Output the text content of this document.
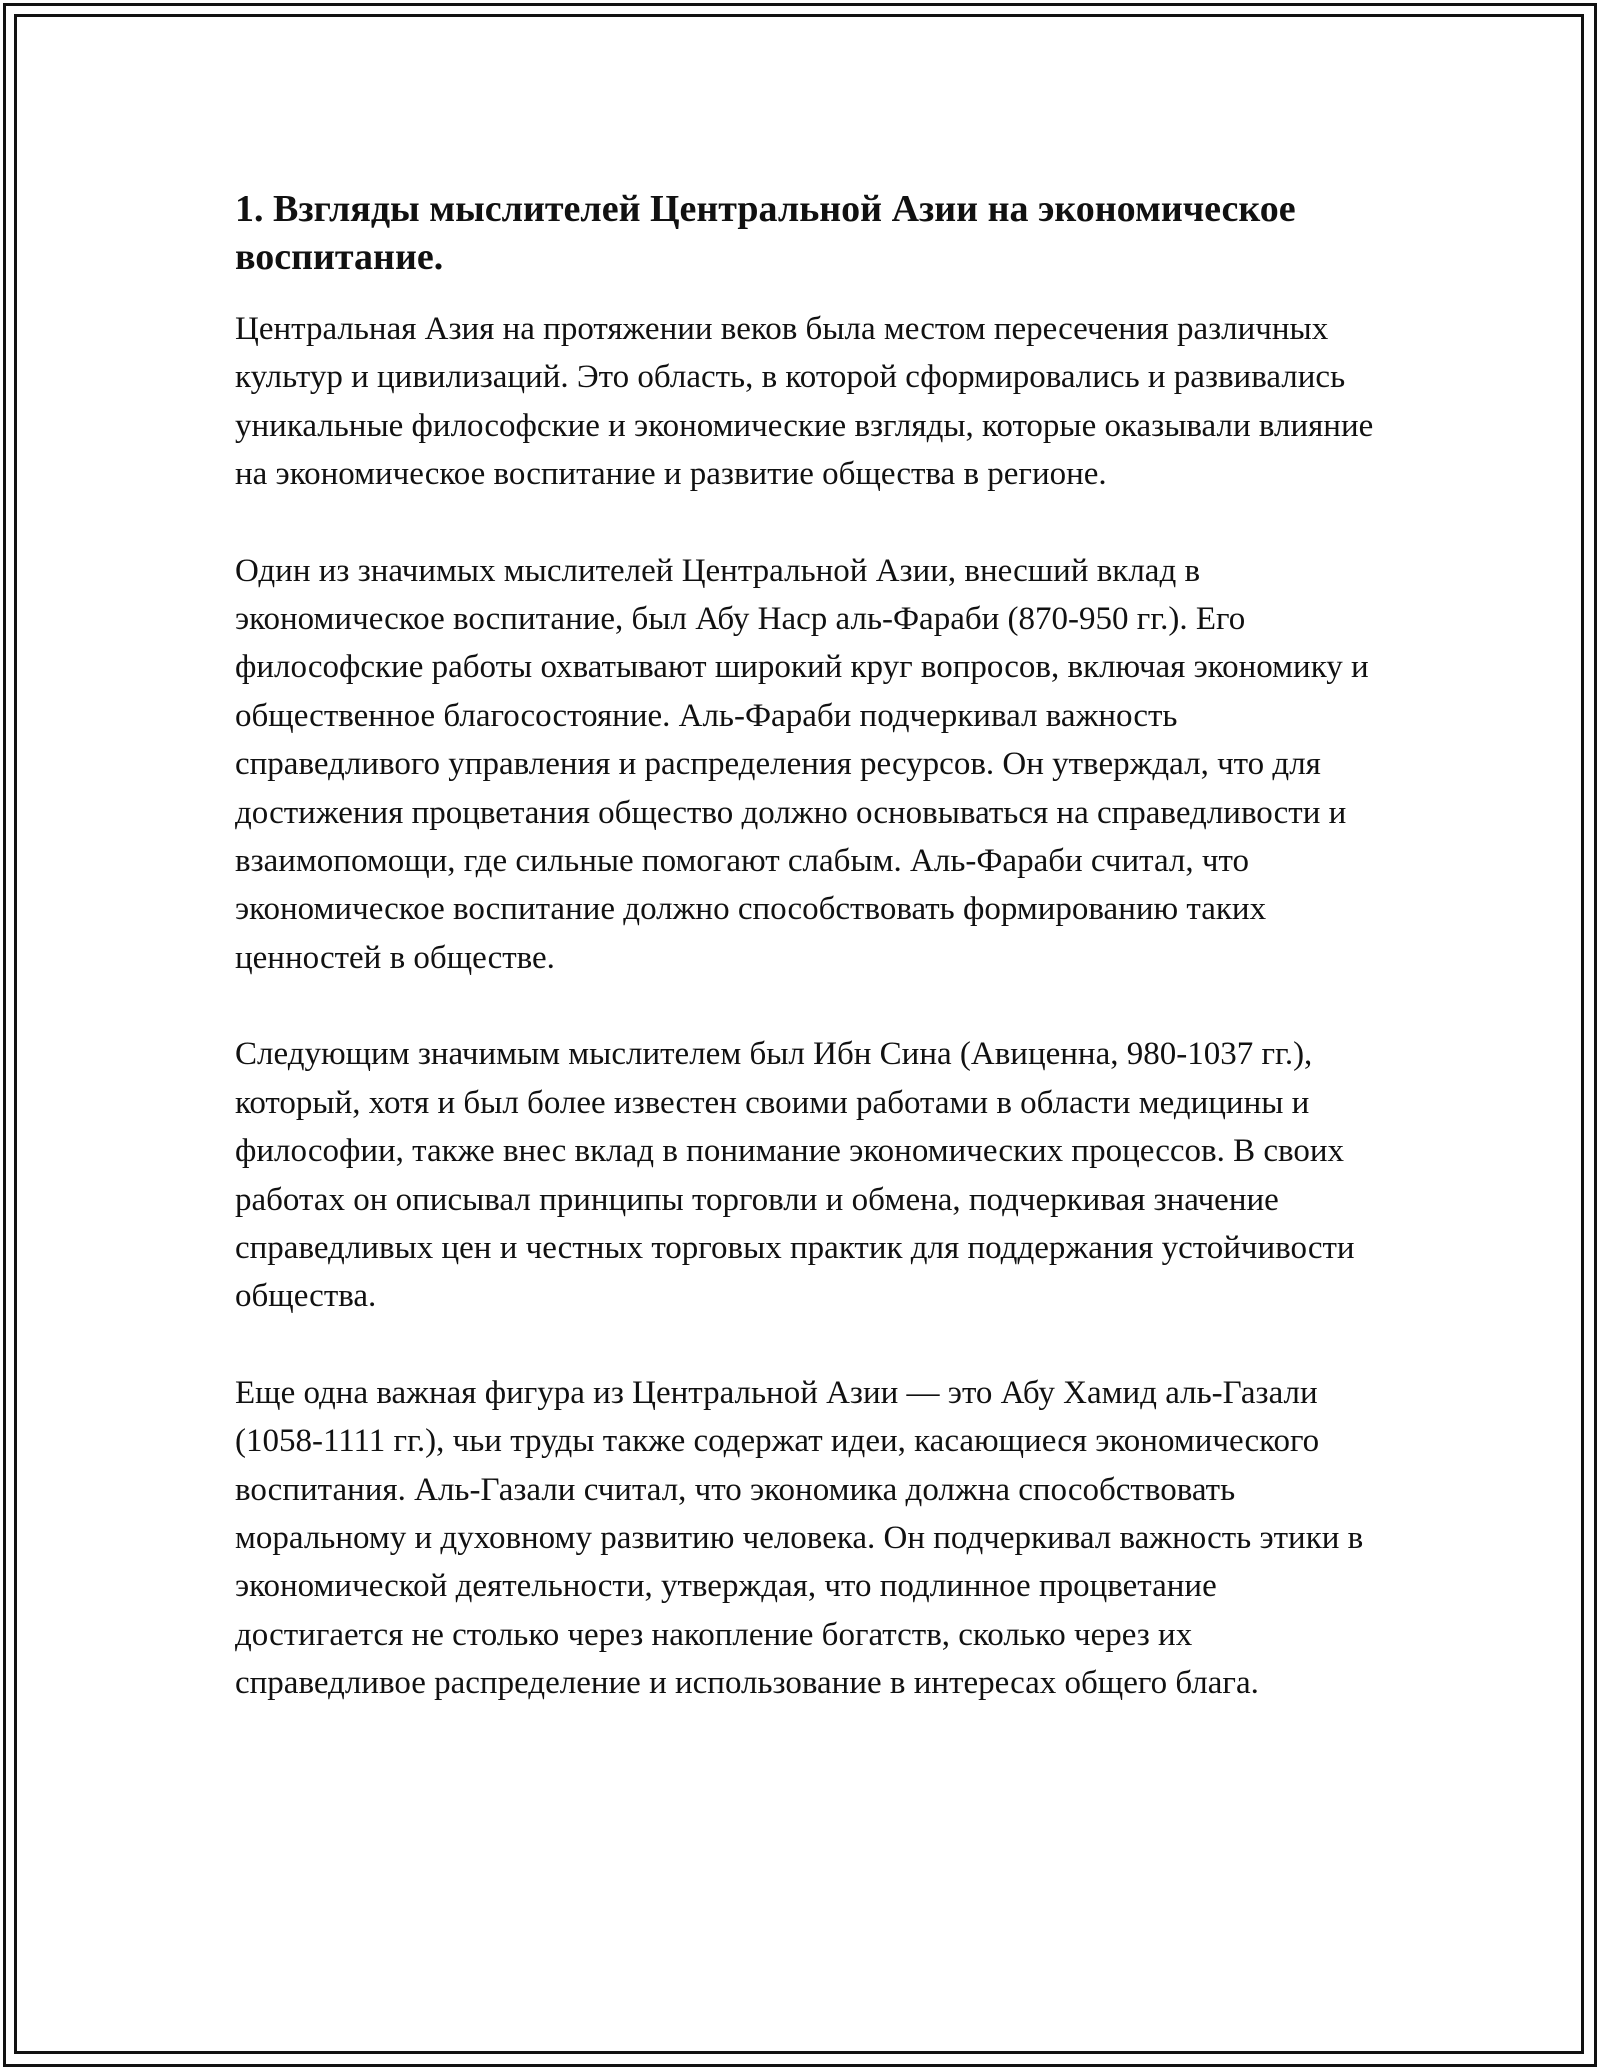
1. Взгляды мыслителей Центральной Азии на экономическое воспитание.

Центральная Азия на протяжении веков была местом пересечения различных культур и цивилизаций. Это область, в которой сформировались и развивались уникальные философские и экономические взгляды, которые оказывали влияние на экономическое воспитание и развитие общества в регионе.

Один из значимых мыслителей Центральной Азии, внесший вклад в экономическое воспитание, был Абу Наср аль-Фараби (870-950 гг.). Его философские работы охватывают широкий круг вопросов, включая экономику и общественное благосостояние. Аль-Фараби подчеркивал важность справедливого управления и распределения ресурсов. Он утверждал, что для достижения процветания общество должно основываться на справедливости и взаимопомощи, где сильные помогают слабым. Аль-Фараби считал, что экономическое воспитание должно способствовать формированию таких ценностей в обществе.

Следующим значимым мыслителем был Ибн Сина (Авиценна, 980-1037 гг.), который, хотя и был более известен своими работами в области медицины и философии, также внес вклад в понимание экономических процессов. В своих работах он описывал принципы торговли и обмена, подчеркивая значение справедливых цен и честных торговых практик для поддержания устойчивости общества.

Еще одна важная фигура из Центральной Азии — это Абу Хамид аль-Газали (1058-1111 гг.), чьи труды также содержат идеи, касающиеся экономического воспитания. Аль-Газали считал, что экономика должна способствовать моральному и духовному развитию человека. Он подчеркивал важность этики в экономической деятельности, утверждая, что подлинное процветание достигается не столько через накопление богатств, сколько через их справедливое распределение и использование в интересах общего блага.
